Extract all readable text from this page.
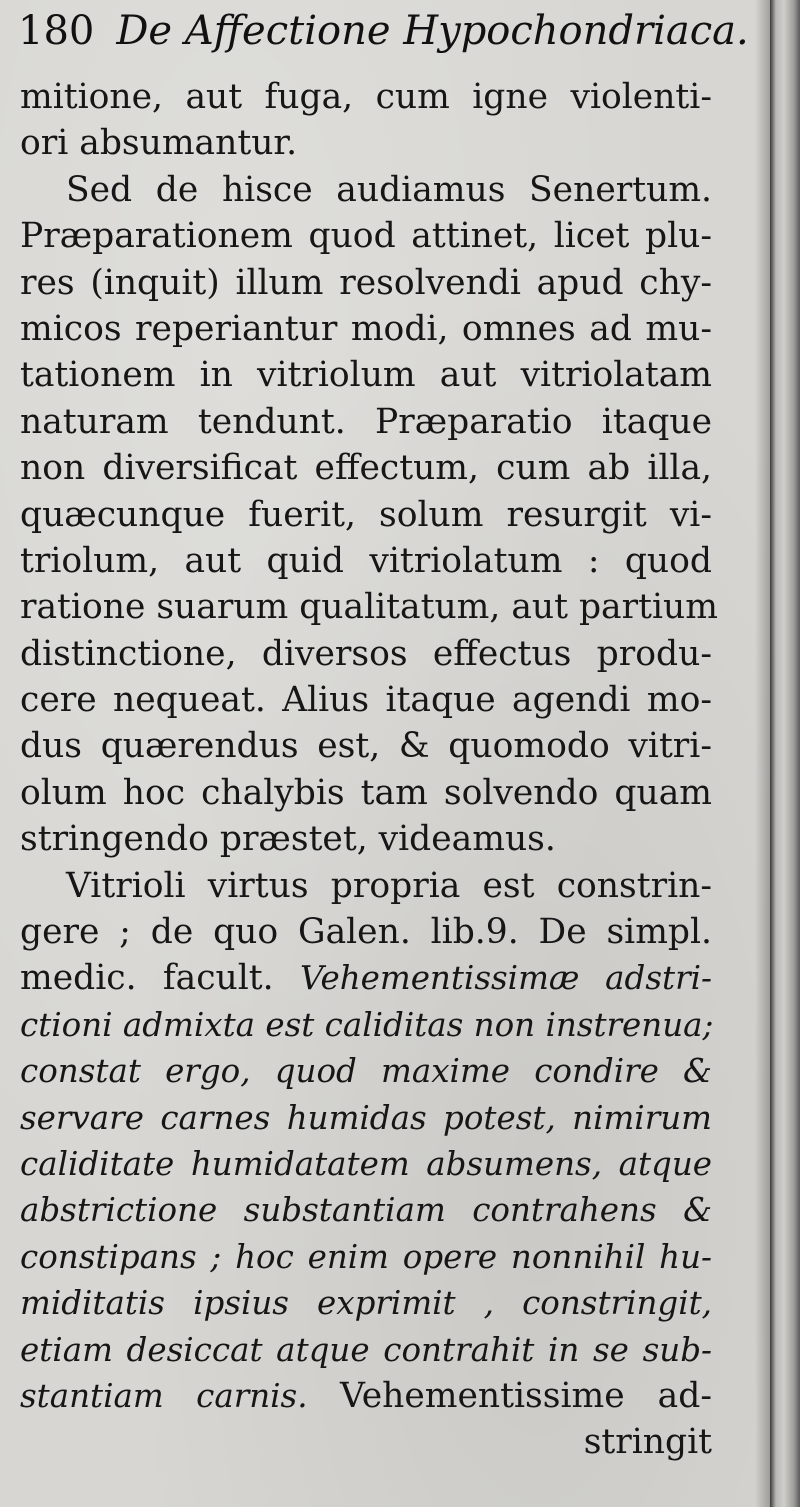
180 De Affectione Hypochondriaca.
mitione, aut fuga, cum igne violenti-
ori absumantur.
Sed de hisce audiamus Senertum.
Præparationem quod attinet, licet plu-
res (inquit) illum resolvendi apud chy-
micos reperiantur modi, omnes ad mu-
tationem in vitriolum aut vitriolatam
naturam tendunt. Præparatio itaque
non diversificat effectum, cum ab illa,
quæcunque fuerit, solum resurgit vi-
triolum, aut quid vitriolatum : quod
ratione suarum qualitatum, aut partium
distinctione, diversos effectus produ-
cere nequeat. Alius itaque agendi mo-
dus quærendus est, & quomodo vitri-
olum hoc chalybis tam solvendo quam
stringendo præstet, videamus.
Vitrioli virtus propria est constrin-
gere ; de quo Galen. lib.9. De simpl.
medic. facult. Vehementissimæ adstri-
ctioni admixta est caliditas non instrenua;
constat ergo, quod maxime condire &
servare carnes humidas potest, nimirum
caliditate humidatatem absumens, atque
abstrictione substantiam contrahens &
constipans ; hoc enim opere nonnihil hu-
miditatis ipsius exprimit , constringit,
etiam desiccat atque contrahit in se sub-
stantiam carnis. Vehementissime ad-
stringit
